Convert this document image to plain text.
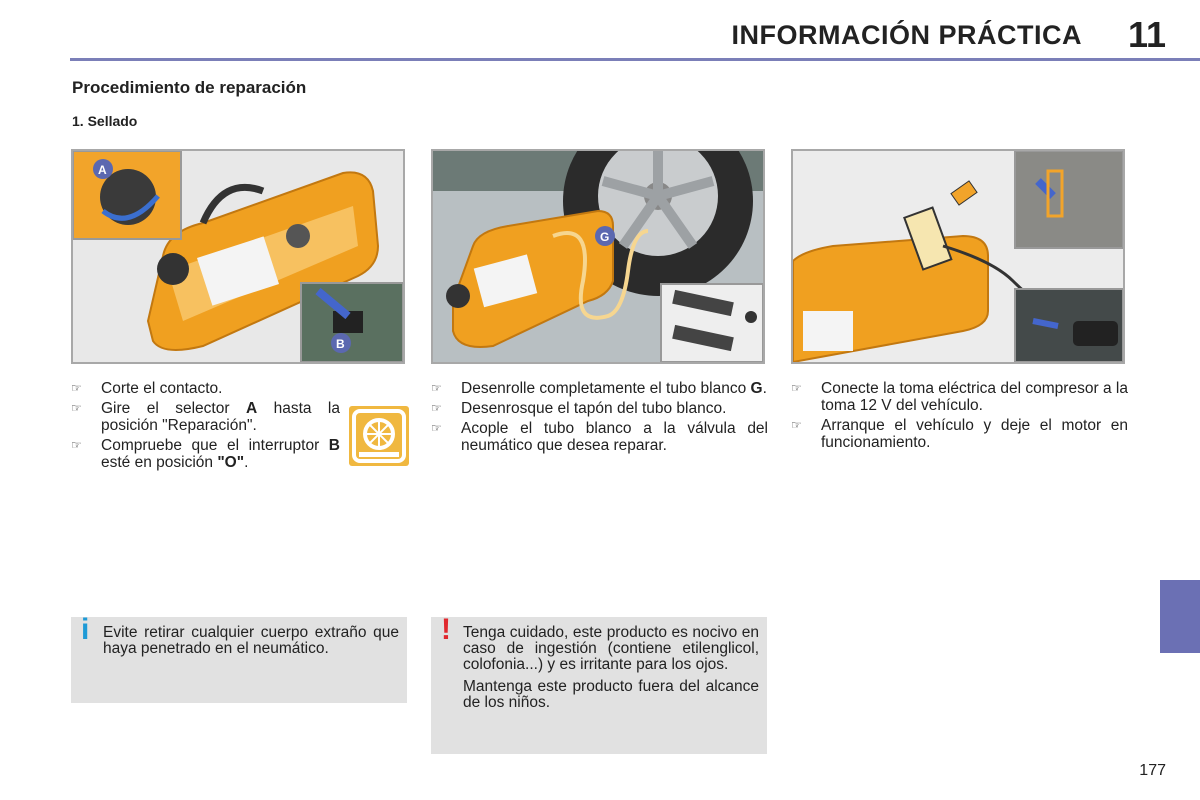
INFORMACIÓN PRÁCTICA 11
Procedimiento de reparación
1. Sellado
A
B
G
☞ Corte el contacto.
☞ Gire el selector A hasta la posición "Reparación".
☞ Compruebe que el interruptor B esté en posición "O".
☞ Desenrolle completamente el tubo blanco G.
☞ Desenrosque el tapón del tubo blanco.
☞ Acople el tubo blanco a la válvula del neumático que desea reparar.
☞ Conecte la toma eléctrica del compresor a la toma 12 V del vehículo.
☞ Arranque el vehículo y deje el motor en funcionamiento.
i Evite retirar cualquier cuerpo extraño que haya penetrado en el neumático.

! Tenga cuidado, este producto es nocivo en caso de ingestión (contiene etilenglicol, colofonia...) y es irritante para los ojos.

Mantenga este producto fuera del alcance de los niños.

177
